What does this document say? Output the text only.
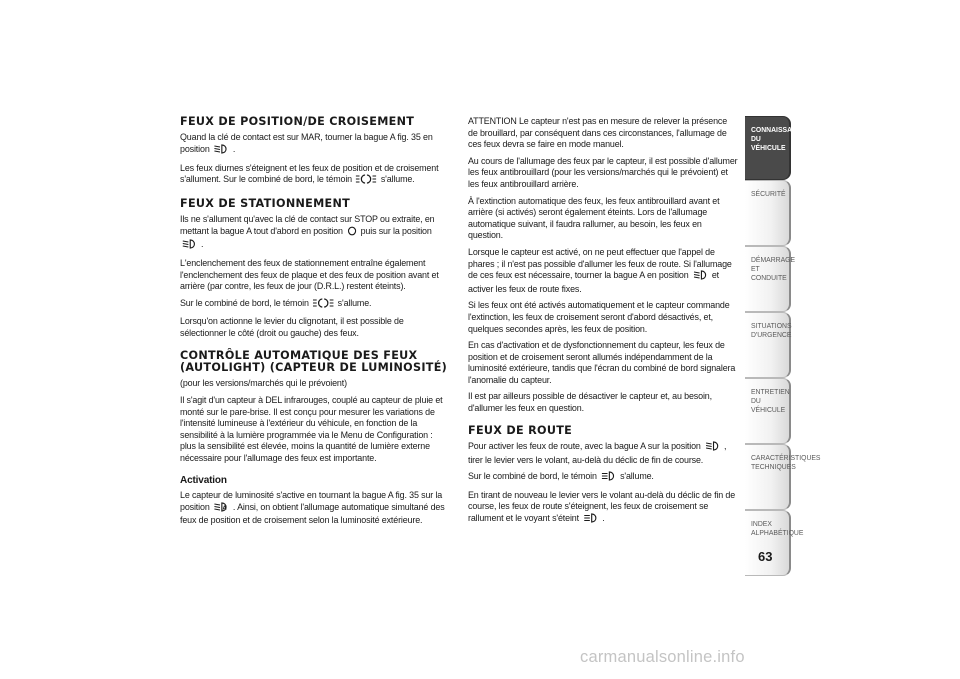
FEUX DE POSITION/DE CROISEMENT

Quand la clé de contact est sur MAR, tourner la bague A fig. 35 en position .

Les feux diurnes s'éteignent et les feux de position et de croisement s'allument. Sur le combiné de bord, le témoin	s'allume.

FEUX DE STATIONNEMENT

Ils ne s'allument qu'avec la clé de contact sur STOP ou extraite, en mettant la bague A tout d'abord en position puis sur la position  .

L'enclenchement des feux de stationnement entraîne également l'enclenchement des feux de plaque et des feux de position avant et arrière (par contre, les feux de jour (D.R.L.) restent éteints).

Sur le combiné de bord, le témoin	s'allume.

Lorsqu'on actionne le levier du clignotant, il est possible de sélectionner le côté (droit ou gauche) des feux.

CONTRÔLE AUTOMATIQUE DES FEUX (AUTOLIGHT) (CAPTEUR DE LUMINOSITÉ)

(pour les versions/marchés qui le prévoient)

Il s'agit d'un capteur à DEL infrarouges, couplé au capteur de pluie et monté sur le pare-brise. Il est conçu pour mesurer les variations de l'intensité lumineuse à l'extérieur du véhicule, en fonction de la sensibilité à la lumière programmée via le Menu de Configuration : plus la sensibilité est élevée, moins la quantité de lumière externe nécessaire pour l'allumage des feux est importante.

Activation

Le capteur de luminosité s'active en tournant la bague A fig. 35 sur la position A . Ainsi, on obtient l'allumage automatique simultané des feux de position et de croisement selon la luminosité extérieure.

ATTENTION Le capteur n'est pas en mesure de relever la présence de brouillard, par conséquent dans ces circonstances, l'allumage de ces feux devra se faire en mode manuel.

Au cours de l'allumage des feux par le capteur, il est possible d'allumer les feux antibrouillard (pour les versions/marchés qui le prévoient) et les feux antibrouillard arrière.

À l'extinction automatique des feux, les feux antibrouillard avant et arrière (si activés) seront également éteints. Lors de l'allumage automatique suivant, il faudra rallumer, au besoin, les feux en question.

Lorsque le capteur est activé, on ne peut effectuer que l'appel de phares ; il n'est pas possible d'allumer les feux de route. Si l'allumage de ces feux est nécessaire, tourner la bague A en position et activer les feux de route fixes.

Si les feux ont été activés automatiquement et le capteur commande l'extinction, les feux de croisement seront d'abord désactivés, et, quelques secondes après, les feux de position.

En cas d'activation et de dysfonctionnement du capteur, les feux de position et de croisement seront allumés indépendamment de la luminosité extérieure, tandis que l'écran du combiné de bord signalera l'anomalie du capteur.

Il est par ailleurs possible de désactiver le capteur et, au besoin, d'allumer les feux en question.

FEUX DE ROUTE

Pour activer les feux de route, avec la bague A sur la position , tirer le levier vers le volant, au-delà du déclic de fin de course.

Sur le combiné de bord, le témoin s'allume.

En tirant de nouveau le levier vers le volant au-delà du déclic de fin de course, les feux de route s'éteignent, les feux de croisement se rallument et le voyant s'éteint .

CONNAISSANCE DU VÉHICULE
SÉCURITÉ
DÉMARRAGE ET CONDUITE
SITUATIONS D'URGENCE
ENTRETIEN DU VÉHICULE
CARACTÉRISTIQUES TECHNIQUES
INDEX ALPHABÉTIQUE
63
carmanualsonline.info
